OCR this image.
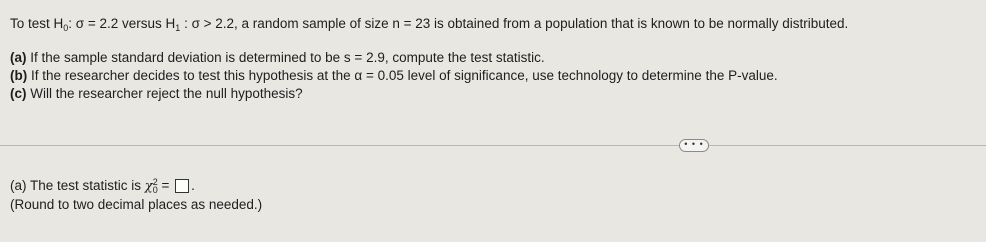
To test $H_0$: σ = 2.2 versus $H_1$ : σ > 2.2, a random sample of size n = 23 is obtained from a population that is known to be normally distributed.
(a) If the sample standard deviation is determined to be s = 2.9, compute the test statistic.
(b) If the researcher decides to test this hypothesis at the α = 0.05 level of significance, use technology to determine the P-value.
(c) Will the researcher reject the null hypothesis?
• • •
(a) The test statistic is χ 2
0 = .
(Round to two decimal places as needed.)
